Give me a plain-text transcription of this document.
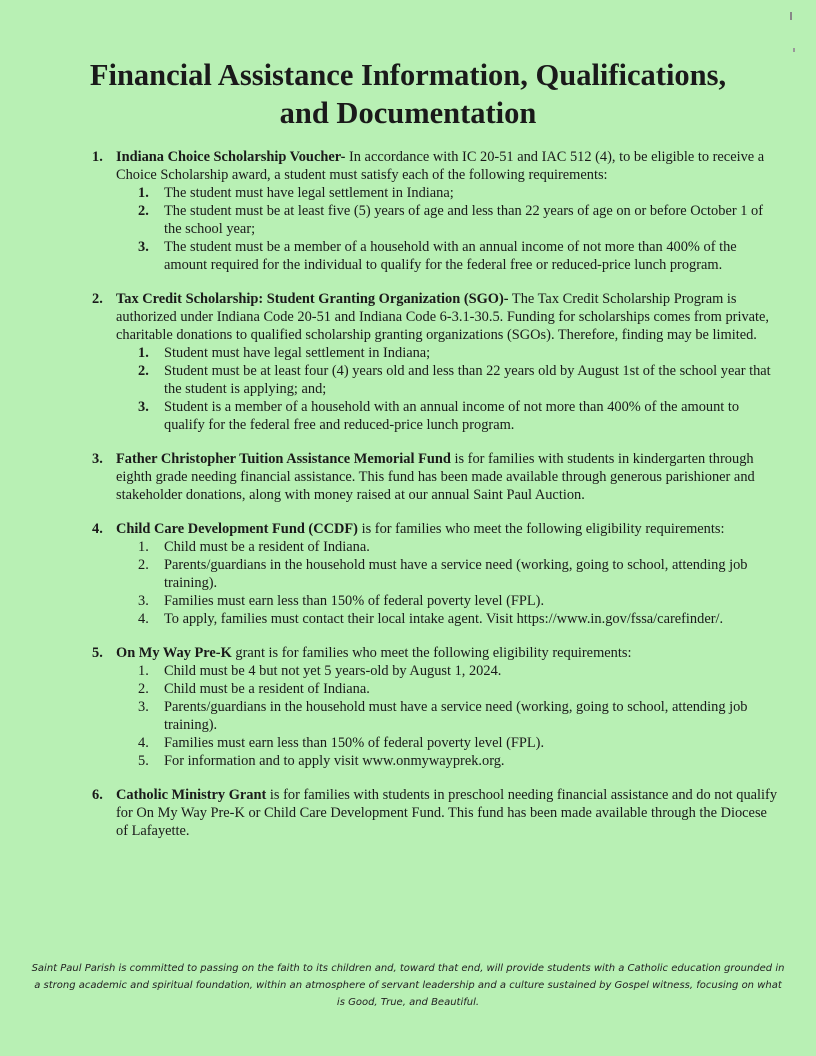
Financial Assistance Information, Qualifications,
and Documentation
1. Indiana Choice Scholarship Voucher- In accordance with IC 20-51 and IAC 512 (4), to be eligible to receive a Choice Scholarship award, a student must satisfy each of the following requirements:
1. The student must have legal settlement in Indiana;
2. The student must be at least five (5) years of age and less than 22 years of age on or before October 1 of the school year;
3. The student must be a member of a household with an annual income of not more than 400% of the amount required for the individual to qualify for the federal free or reduced-price lunch program.
2. Tax Credit Scholarship: Student Granting Organization (SGO)- The Tax Credit Scholarship Program is authorized under Indiana Code 20-51 and Indiana Code 6-3.1-30.5. Funding for scholarships comes from private, charitable donations to qualified scholarship granting organizations (SGOs). Therefore, finding may be limited.
1. Student must have legal settlement in Indiana;
2. Student must be at least four (4) years old and less than 22 years old by August 1st of the school year that the student is applying; and;
3. Student is a member of a household with an annual income of not more than 400% of the amount to qualify for the federal free and reduced-price lunch program.
3. Father Christopher Tuition Assistance Memorial Fund is for families with students in kindergarten through eighth grade needing financial assistance. This fund has been made available through generous parishioner and stakeholder donations, along with money raised at our annual Saint Paul Auction.
4. Child Care Development Fund (CCDF) is for families who meet the following eligibility requirements:
1. Child must be a resident of Indiana.
2. Parents/guardians in the household must have a service need (working, going to school, attending job training).
3. Families must earn less than 150% of federal poverty level (FPL).
4. To apply, families must contact their local intake agent. Visit https://www.in.gov/fssa/carefinder/.
5. On My Way Pre-K grant is for families who meet the following eligibility requirements:
1. Child must be 4 but not yet 5 years-old by August 1, 2024.
2. Child must be a resident of Indiana.
3. Parents/guardians in the household must have a service need (working, going to school, attending job training).
4. Families must earn less than 150% of federal poverty level (FPL).
5. For information and to apply visit www.onmywayprek.org.
6. Catholic Ministry Grant is for families with students in preschool needing financial assistance and do not qualify for On My Way Pre-K or Child Care Development Fund. This fund has been made available through the Diocese of Lafayette.
Saint Paul Parish is committed to passing on the faith to its children and, toward that end, will provide students with a Catholic education grounded in a strong academic and spiritual foundation, within an atmosphere of servant leadership and a culture sustained by Gospel witness, focusing on what is Good, True, and Beautiful.
